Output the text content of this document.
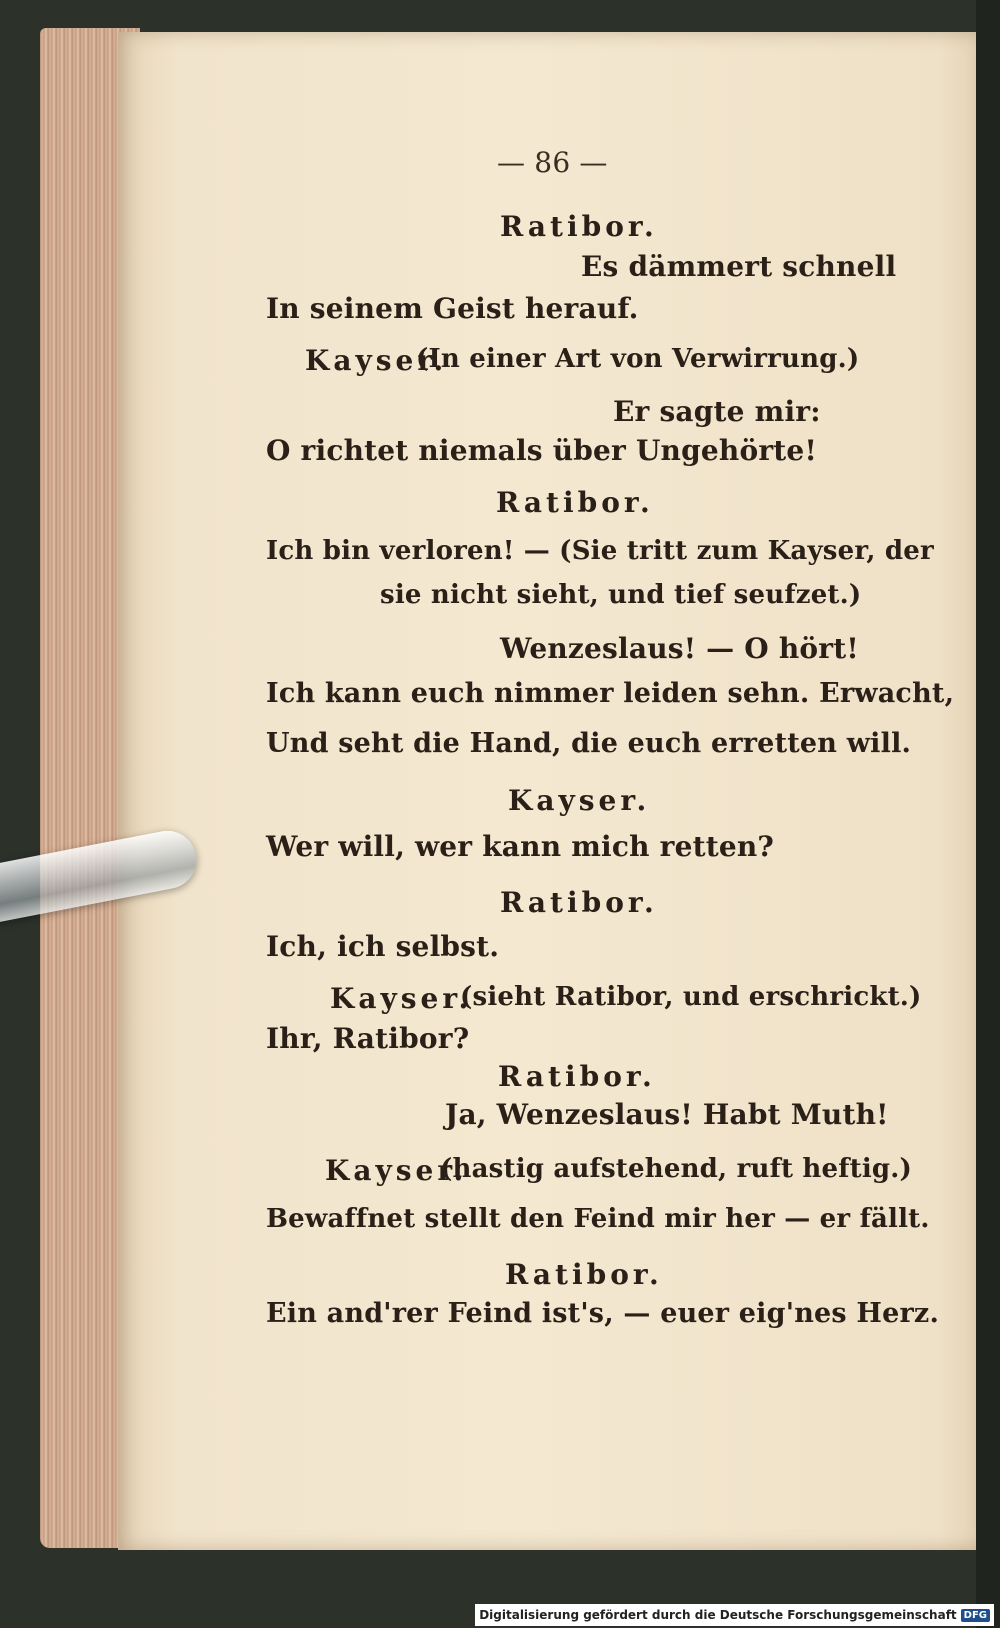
— 86 —
Ratibor.
Es dämmert schnell
In seinem Geist herauf.
Kayser.
(In einer Art von Verwirrung.)
Er sagte mir:
O richtet niemals über Ungehörte!
Ratibor.
Ich bin verloren! — (Sie tritt zum Kayser, der
sie nicht sieht, und tief seufzet.)
Wenzeslaus! — O hört!
Ich kann euch nimmer leiden sehn. Erwacht,
Und seht die Hand, die euch erretten will.
Kayser.
Wer will, wer kann mich retten?
Ratibor.
Ich, ich selbst.
Kayser.
(sieht Ratibor, und erschrickt.)
Ihr, Ratibor?
Ratibor.
Ja, Wenzeslaus! Habt Muth!
Kayser.
(hastig aufstehend, ruft heftig.)
Bewaffnet stellt den Feind mir her — er fällt.
Ratibor.
Ein and'rer Feind ist's, — euer eig'nes Herz.
Digitalisierung gefördert durch die Deutsche Forschungsgemeinschaft DFG
